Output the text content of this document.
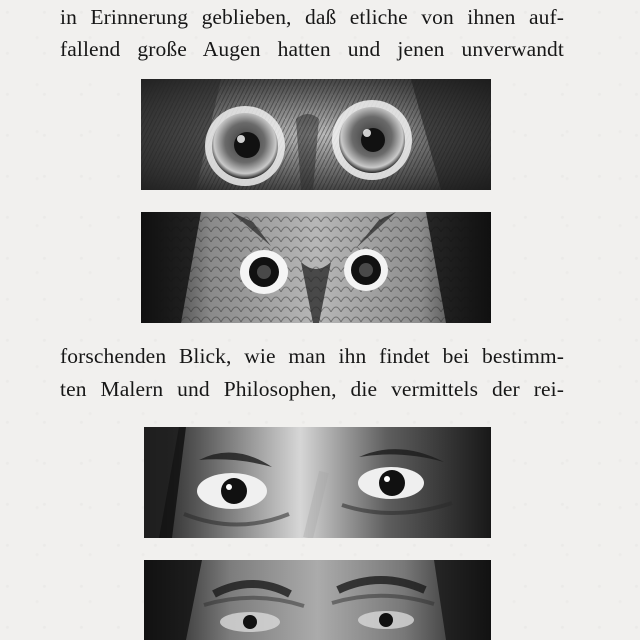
in Erinnerung geblieben, daß etliche von ihnen auf-
fallend große Augen hatten und jenen unverwandt
forschenden Blick, wie man ihn findet bei bestimm-
ten Malern und Philosophen, die vermittels der rei-
